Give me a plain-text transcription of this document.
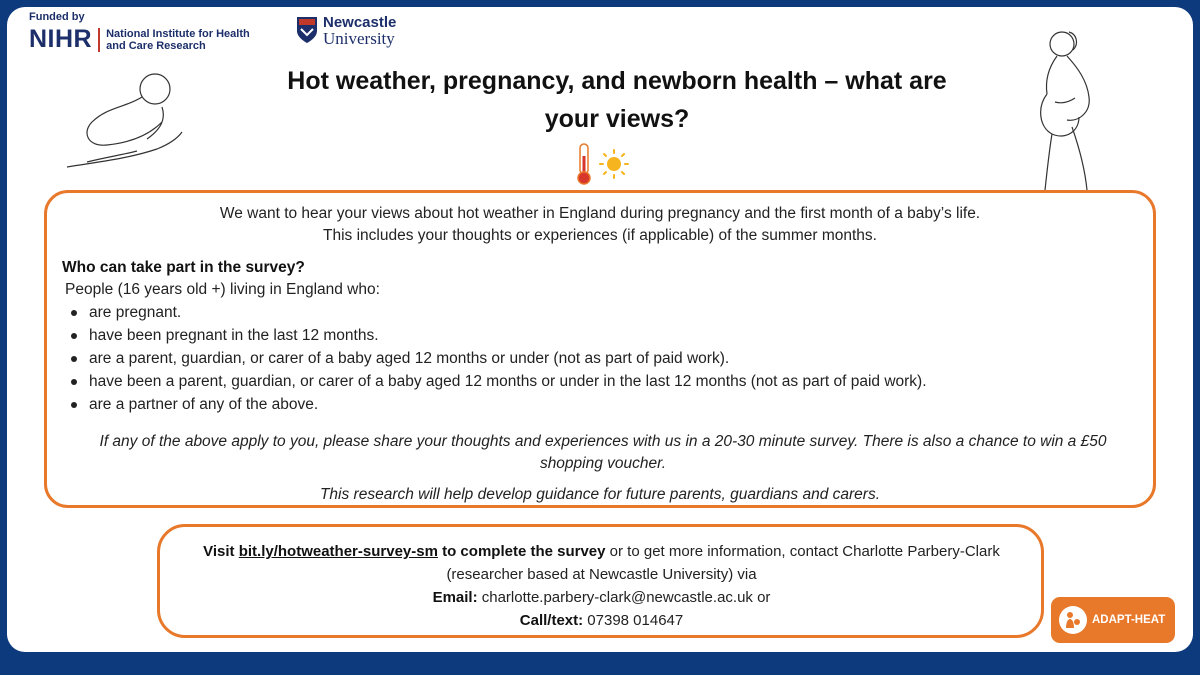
Funded by
NIHR National Institute for Health and Care Research
Newcastle
University
Hot weather, pregnancy, and newborn health – what are your views?
We want to hear your views about hot weather in England during pregnancy and the first month of a baby’s life.
This includes your thoughts or experiences (if applicable) of the summer months.
Who can take part in the survey?
People (16 years old +) living in England who:
are pregnant.
have been pregnant in the last 12 months.
are a parent, guardian, or carer of a baby aged 12 months or under (not as part of paid work).
have been a parent, guardian, or carer of a baby aged 12 months or under in the last 12 months (not as part of paid work).
are a partner of any of the above.
If any of the above apply to you, please share your thoughts and experiences with us in a 20-30 minute survey. There is also a chance to win a £50 shopping voucher.
This research will help develop guidance for future parents, guardians and carers.
Visit bit.ly/hotweather-survey-sm to complete the survey or to get more information, contact Charlotte Parbery-Clark (researcher based at Newcastle University) via
Email: charlotte.parbery-clark@newcastle.ac.uk or
Call/text: 07398 014647	ADAPT-HEAT
